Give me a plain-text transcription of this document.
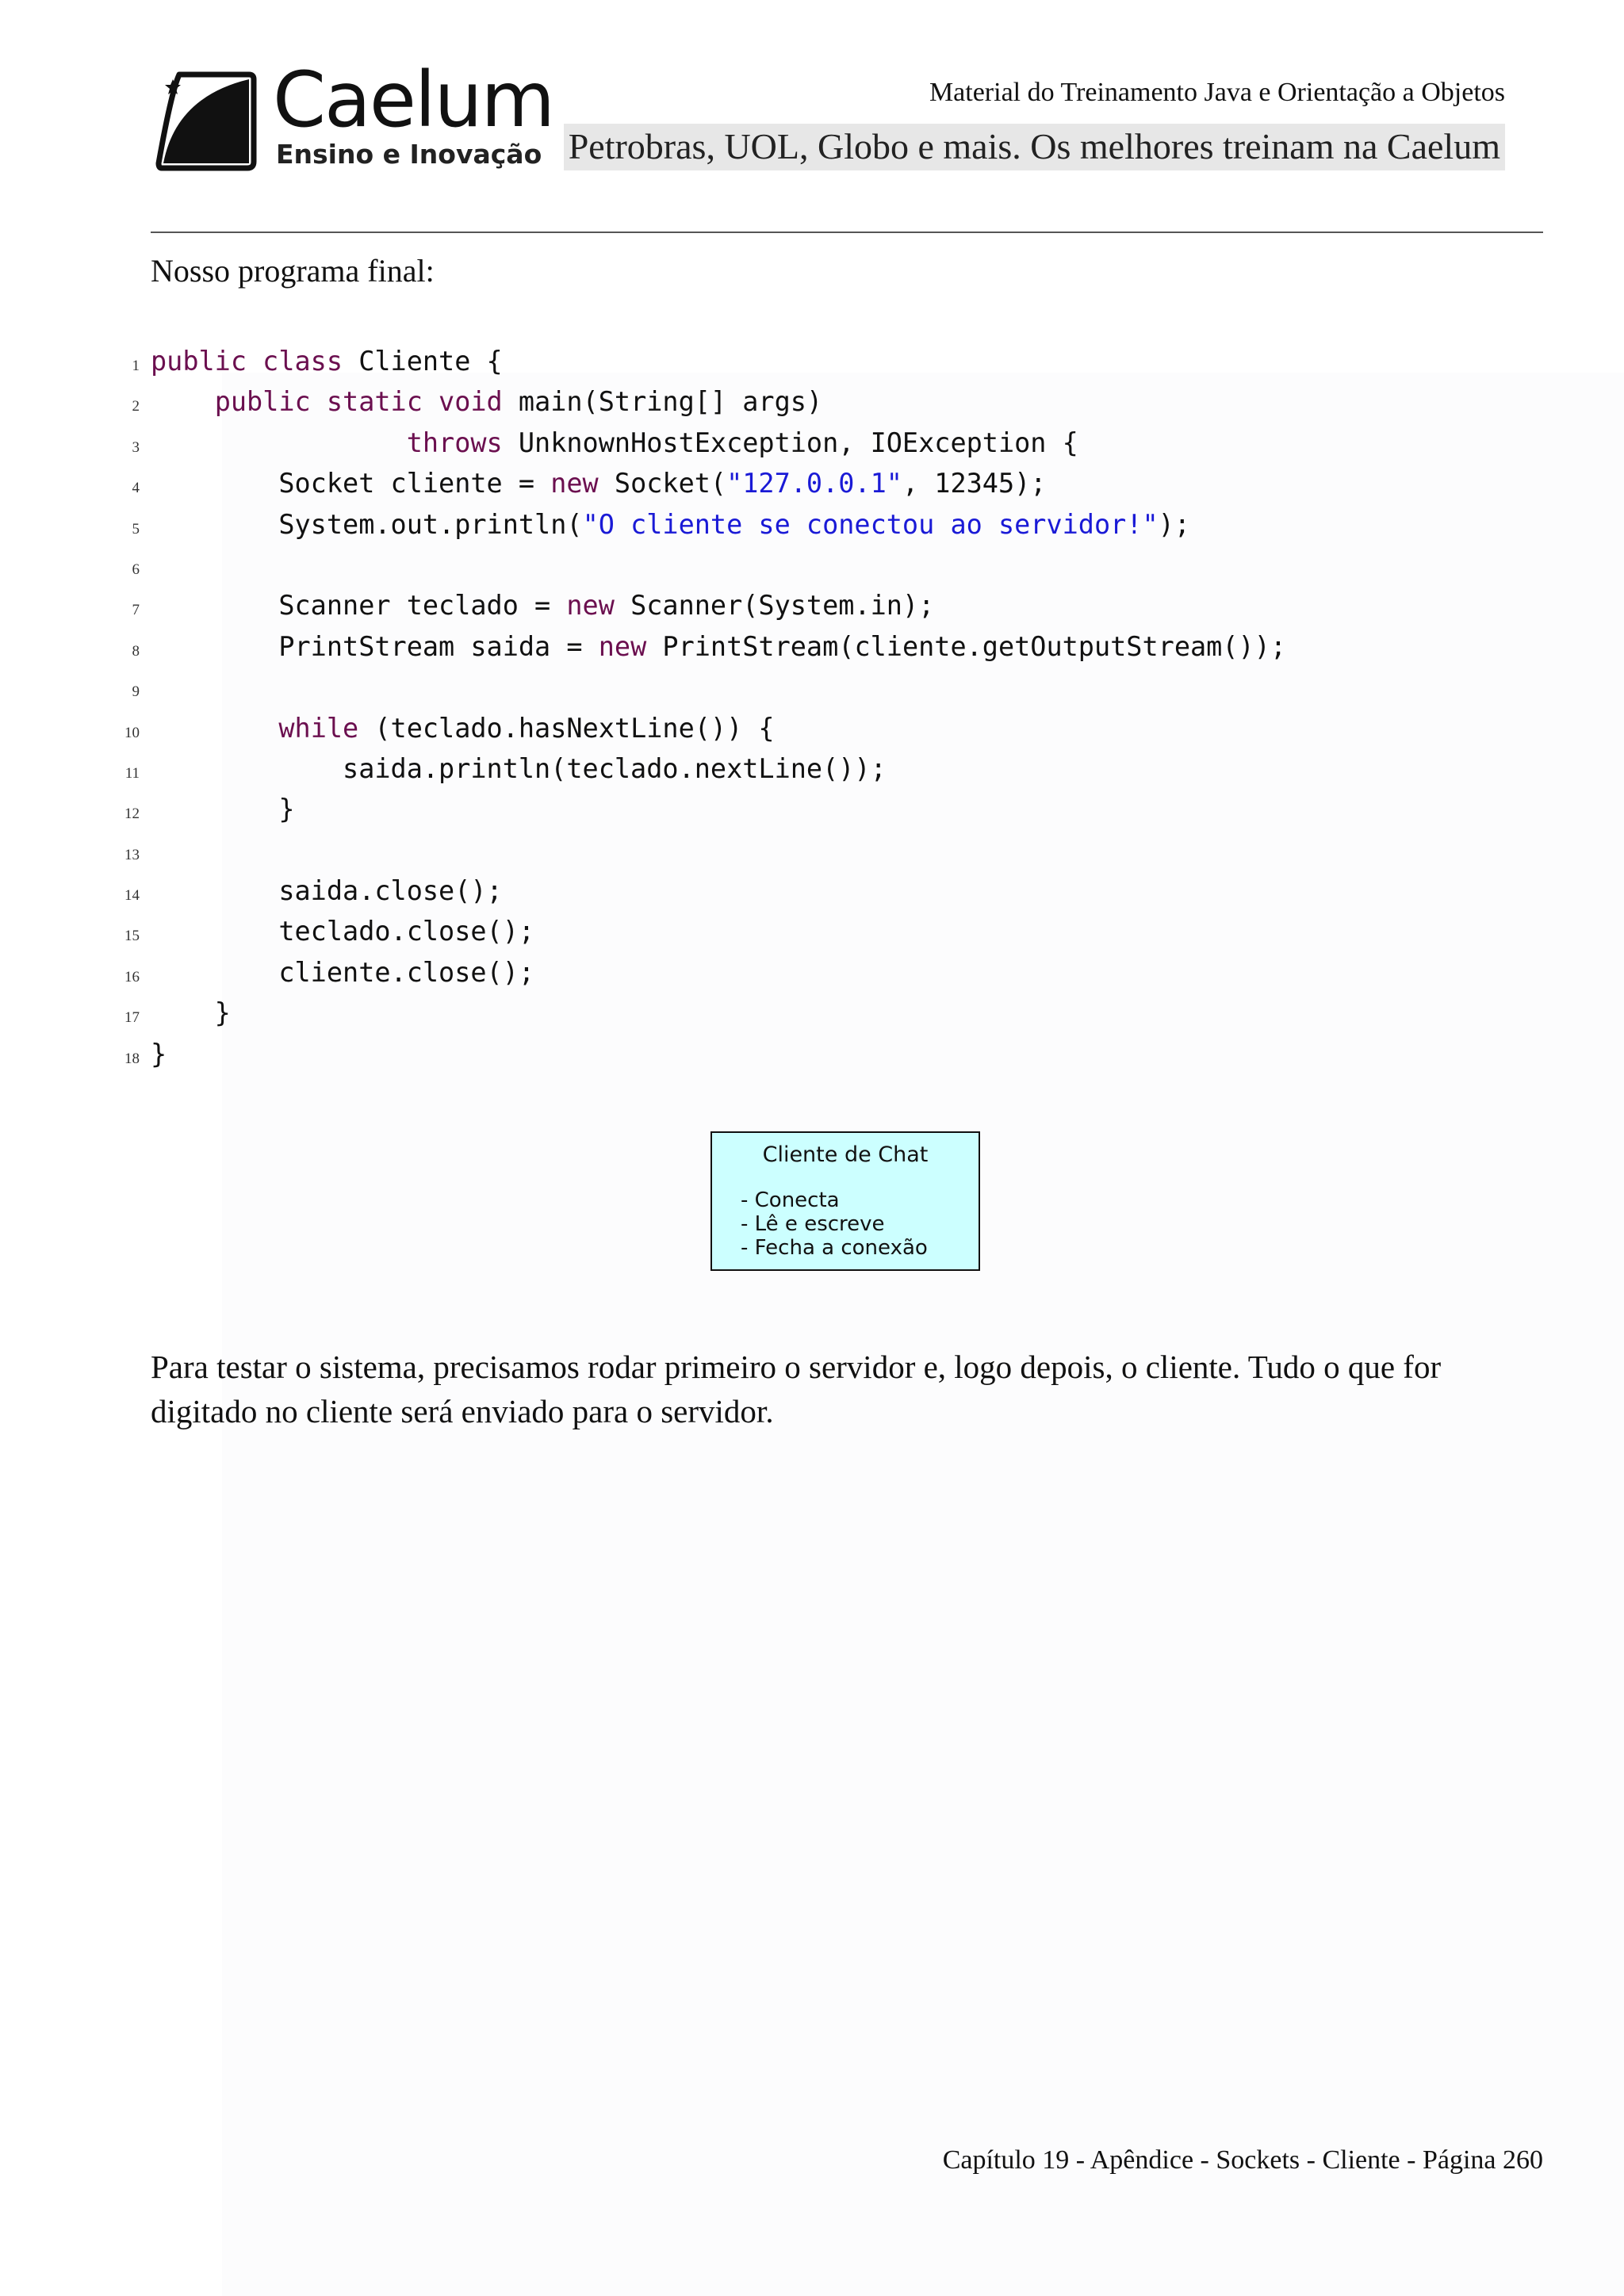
Caelum
Ensino e Inovação
Material do Treinamento Java e Orientação a Objetos
Petrobras, UOL, Globo e mais. Os melhores treinam na Caelum
Nosso programa final:
1 public class Cliente {
2	public static void main(String[] args)
3	throws UnknownHostException, IOException {
4 Socket cliente = new Socket("127.0.0.1", 12345);
5 System.out.println("O cliente se conectou ao servidor!");
6
7 Scanner teclado = new Scanner(System.in);
8 PrintStream saida = new PrintStream(cliente.getOutputStream());
9
10	while (teclado.hasNextLine()) {
11 saida.println(teclado.nextLine());
12 }
13
14 saida.close();
15 teclado.close();
16 cliente.close();
17 }
18 }
Cliente de Chat
- Conecta
- Lê e escreve
- Fecha a conexão
Para testar o sistema, precisamos rodar primeiro o servidor e, logo depois, o cliente. Tudo o que for digitado no cliente será enviado para o servidor.
Capítulo 19 - Apêndice - Sockets - Cliente - Página 260
